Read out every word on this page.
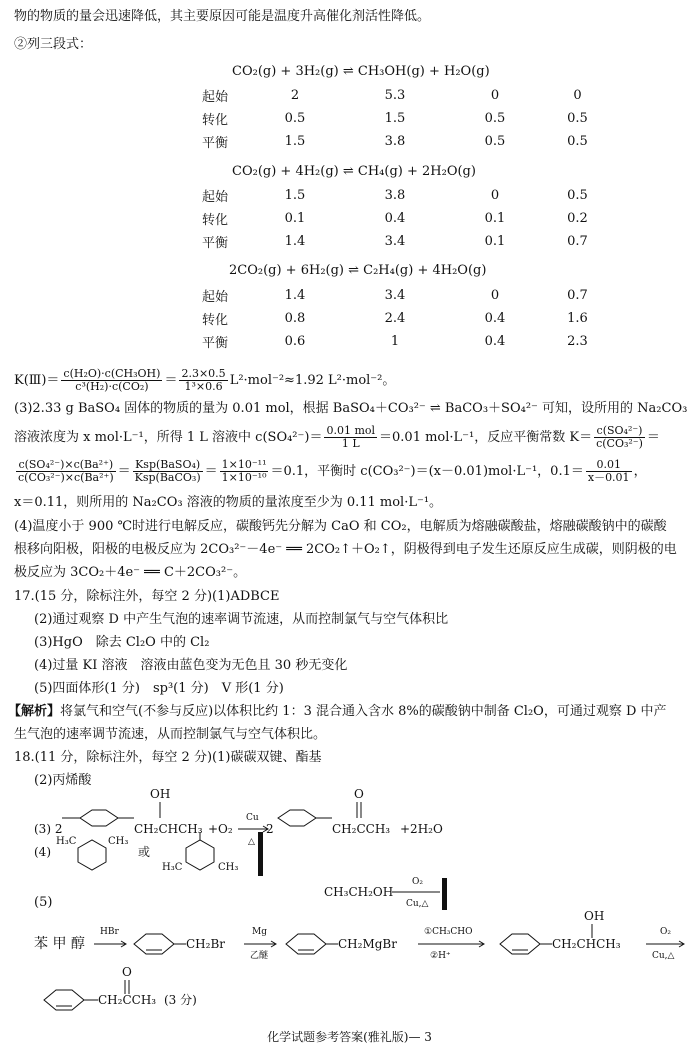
物的物质的量会迅速降低，其主要原因可能是温度升高催化剂活性降低。
②列三段式：
CO₂(g) + 3H₂(g) ⇌ CH₃OH(g) + H₂O(g)
起始	2	5.3	0	0
转化	0.5	1.5	0.5	0.5
平衡	1.5	3.8	0.5	0.5
CO₂(g) + 4H₂(g) ⇌ CH₄(g) + 2H₂O(g)
起始	1.5	3.8	0	0.5
转化	0.1	0.4	0.1	0.2
平衡	1.4	3.4	0.1	0.7
2CO₂(g) + 6H₂(g) ⇌ C₂H₄(g) + 4H₂O(g)
起始	1.4	3.4	0	0.7
转化	0.8	2.4	0.4	1.6
平衡	0.6	1	0.4	2.3
K(Ⅲ)＝ $\frac{\text{c(H₂O)·c(CH₃OH)}}{\text{c³(H₂)·c(CO₂)}} = \frac{2.3\times 0.5}{\text{1³×0.6}} L^2\cdot mol^{-2}\approx 1.92$ L²·mol⁻²。
(3)2.33 g BaSO₄ 固体的物质的量为 0.01 mol，根据 BaSO₄＋CO₃²⁻ ⇌ BaCO₃＋SO₄²⁻ 可知，设所用的 Na₂CO₃
溶液浓度为 x mol·L⁻¹，所得 1 L 溶液中 $c(SO_4^{2-})= \frac{\text{0.01 mol}}{1 L} =0.01$ mol·L⁻¹，反应平衡常数 $K= \frac{\text{c(SO₄²⁻)}}{\text{c(CO₃²⁻)}}$ ＝
$\frac{\text{c(SO₄²⁻)×c(Ba²⁺)}}{\text{c(CO₃²⁻)×c(Ba²⁺)}} = \frac{\text{Ksp(BaSO₄)}}{\text{Ksp(BaCO₃)}} = \frac{\text{1×10⁻¹¹}}{\text{1×10⁻¹⁰}} =0.1$，平衡时 c(CO₃²⁻)＝(x－0.01)mol·L⁻¹，$0.1= \frac{0.01}{x-0.01}$ ，
x＝0.11，则所用的 Na₂CO₃ 溶液的物质的量浓度至少为 0.11 mol·L⁻¹。
(4)温度小于 900 ℃时进行电解反应，碳酸钙先分解为 CaO 和 CO₂，电解质为熔融碳酸盐，熔融碳酸钠中的碳酸
根移向阳极，阳极的电极反应为 2CO₃²⁻－4e⁻ ══ 2CO₂↑＋O₂↑，阴极得到电子发生还原反应生成碳，则阴极的电
极反应为 3CO₂＋4e⁻ ══ C＋2CO₃²⁻。
17.(15 分，除标注外，每空 2 分)(1)ADBCE
(2)通过观察 D 中产生气泡的速率调节流速，从而控制氯气与空气体积比
(3)HgO　除去 Cl₂O 中的 Cl₂
(4)过量 KI 溶液　溶液由蓝色变为无色且 30 秒无变化
(5)四面体形(1 分)　sp³(1 分)　V 形(1 分)
【解析】将氯气和空气(不参与反应)以体积比约 1：3 混合通入含水 8%的碳酸钠中制备 Cl₂O，可通过观察 D 中产
生气泡的速率调节流速，从而控制氯气与空气体积比。
18.(11 分，除标注外，每空 2 分)(1)碳碳双键、酯基
(2)丙烯酸
(3) 2
OH
CH₂CHCH₃ +O₂
Cu
△
2
O
CH₂CCH₃ +2H₂O
(4)
H₃C	CH₃
或
H₃C	CH₃
(5)
CH₃CH₂OH
O₂
Cu,△
苯 甲 醇
HBr
CH₂Br
Mg
乙醚
CH₂MgBr
①CH₃CHO
②H⁺
OH
CH₂CHCH₃
O₂
Cu,△
O
CH₂CCH₃ (3 分)
化学试题参考答案(雅礼版)— 3
